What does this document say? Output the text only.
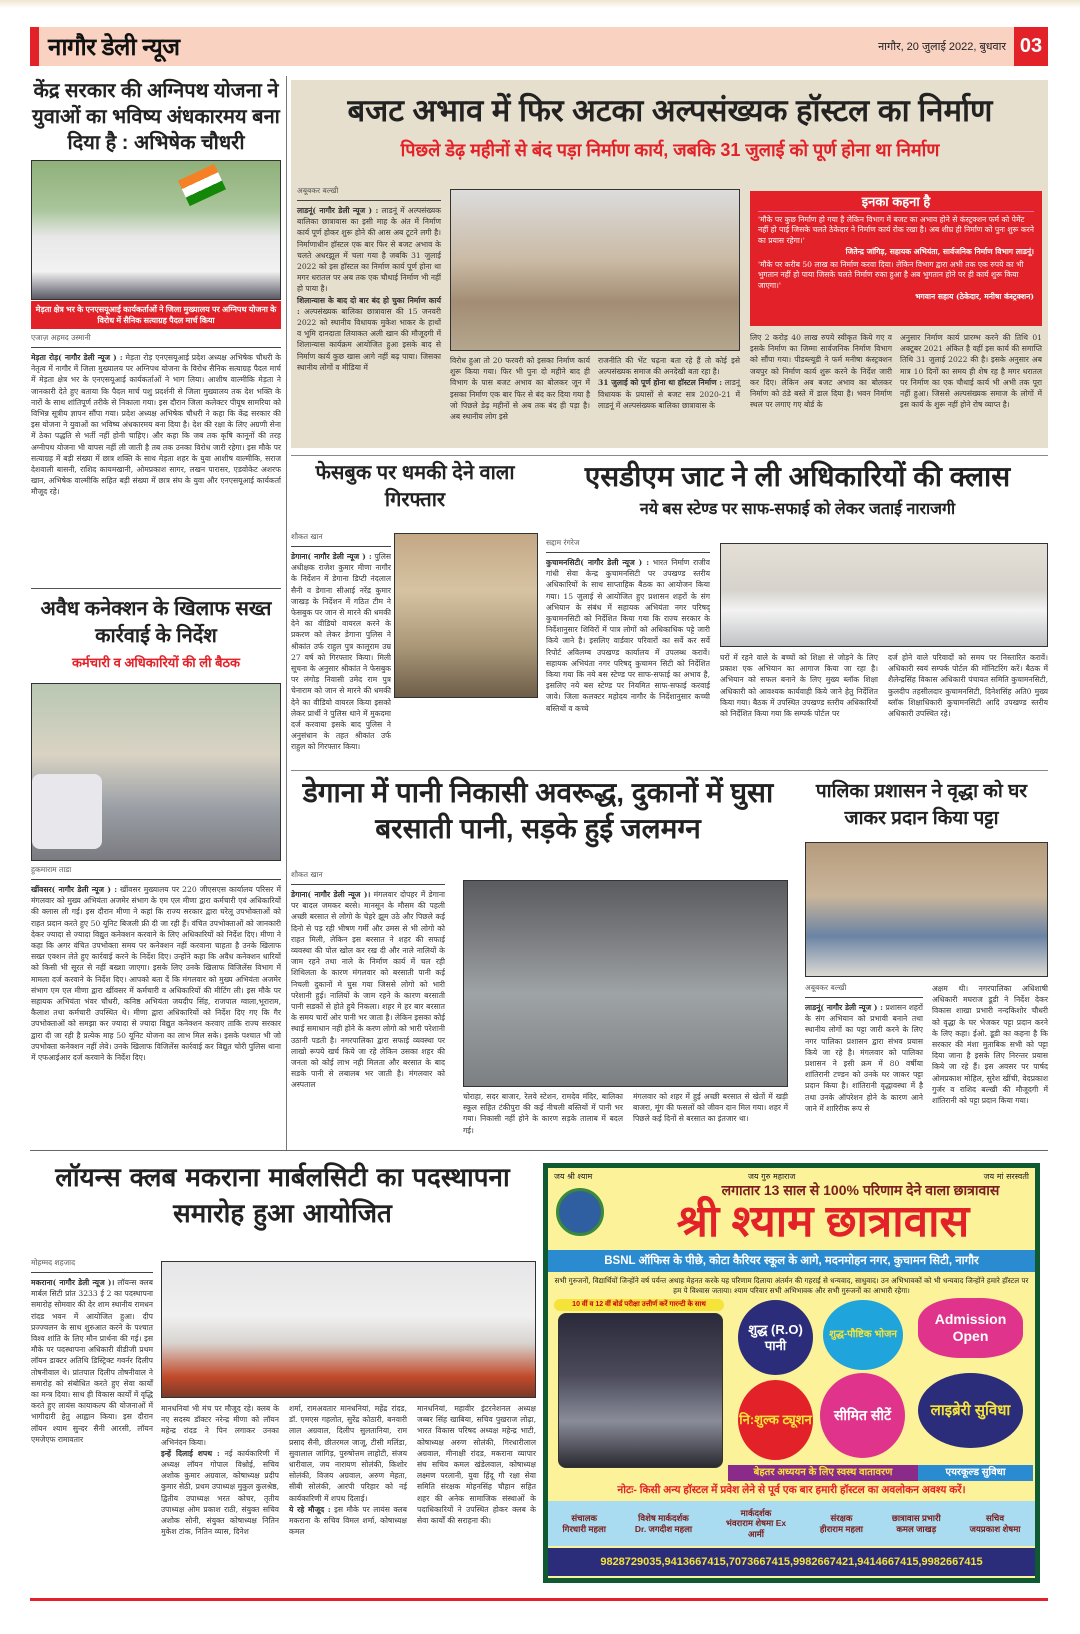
नागौर डेली न्यूज	नागौर, 20 जुलाई 2022, बुधवार 03
केंद्र सरकार की अग्निपथ योजना ने युवाओं का भविष्य अंधकारमय बना दिया है : अभिषेक चौधरी
मेड़ता क्षेत्र भर के एनएसयूआई कार्यकर्ताओं ने जिला मुख्यालय पर अग्निपथ योजना के विरोध में सैनिक सत्याग्रह पैदल मार्च किया
एजाज़ अहमद उस्मानी
मेड़ता रोड़( नागौर डेली न्यूज ) : मेड़ता रोड़ एनएसयूआई प्रदेश अध्यक्ष अभिषेक चौधरी के नेतृत्व में नागौर में जिला मुख्यालय पर अग्निपथ योजना के विरोध सैनिक सत्याग्रह पैदल मार्च में मेड़ता क्षेत्र भर के एनएसयूआई कार्यकर्ताओं ने भाग लिया। आशीष वाल्मीकि मेड़ता ने जानकारी देते हुए बताया कि पैदल मार्च पशु प्रदर्शनी से जिला मुख्यालय तक देश भक्ति के नारों के साथ शांतिपूर्ण तरीके से निकाला गया। इस दौरान जिला कलेक्टर पीयूष सामरिया को विभिन्न सूत्रीय ज्ञापन सौंपा गया। प्रदेश अध्यक्ष अभिषेक चौधरी ने कहा कि केंद्र सरकार की इस योजना ने युवाओं का भविष्य अंधकारमय बना दिया है। देश की रक्षा के लिए अग्रणी सेना में ठेका पद्धति से भर्ती नहीं होनी चाहिए। और कहा कि जब तक कृषि कानूनों की तरह अग्नीपथ योजना भी वापस नहीं ली जाती है तब तक उनका विरोध जारी रहेगा। इस मौके पर सत्याग्रह में बड़ी संख्या में छात्र शक्ति के साथ मेड़ता शहर के युवा आशीष वाल्मीकि, सराज देशवाली बासनी, राशिद कायमखानी, ओमप्रकाश सागर, लखन पारासर, एडवोकेट अशरफ खान, अभिषेक वाल्मीकि सहित बड़ी संख्या में छात्र संघ के युवा और एनएसयूआई कार्यकर्ता मौजूद रहे।
अवैध कनेक्शन के खिलाफ सख्त कार्रवाई के निर्देश
कर्मचारी व अधिकारियों की ली बैठक
हुकमाराम ताडा
खींवसर( नागौर डेली न्यूज ) : खींवसर मुख्यालय पर 220 जीएसएस कार्यालय परिसर में मंगलवार को मुख्य अभियंता अजमेर संभाग के एम एल मीणा द्वारा कर्मचारी एवं अधिकारियों की क्लास ली गई। इस दौरान मीणा ने कहां कि राज्य सरकार द्वारा घरेलू उपभोक्ताओं को राहत प्रदान करते हुए 50 यूनिट बिजली फ्री दी जा रही हैं। वंचित उपभोक्ताओं को जानकारी देकर ज्यादा से ज्यादा विद्युत कनेक्शन करवाने के लिए अधिकारियों को निर्देश दिए। मीणा ने कहा कि अगर वंचित उपभोक्ता समय पर कनेक्शन नहीं करवाना चाहता है उनके खिलाफ सख्त एक्शन लेते हुए कार्रवाई करने के निर्देश दिए। उन्होंने कहा कि अवैध कनेक्शन धारियों को किसी भी सूरत से नहीं बख्शा जाएगा। इसके लिए उनके खिलाफ विजिलेंस विभाग में मामला दर्ज करवाने के निर्देश दिए। आपको बता दें कि मंगलवार को मुख्य अभियंता अजमेर संभाग एम एल मीणा द्वारा खींवसर में कर्मचारी व अधिकारियों की मीटिंग ली। इस मौके पर सहायक अभियंता भंवर चौधरी, कनिष्ठ अभियंता जयदीप सिंह, राजपाल ग्वाला,भूराराम, कैलाश तथा कर्मचारी उपस्थित थे। मीणा द्वारा अधिकारियों को निर्देश दिए गए कि गैर उपभोक्ताओं को समझा कर ज्यादा से ज्यादा विद्युत कनेक्शन करवाए ताकि राज्य सरकार द्वारा दी जा रही है प्रत्येक माह 50 यूनिट योजना का लाभ मिल सके। इसके पश्चात भी जो उपभोक्ता कनेक्शन नहीं लेवे। उनके खिलाफ विजिलेंस कार्रवाई कर विद्युत चोरी पुलिस थाना में एफआईआर दर्ज करवाने के निर्देश दिए।
बजट अभाव में फिर अटका अल्पसंख्यक हॉस्टल का निर्माण
पिछले डेढ़ महीनों से बंद पड़ा निर्माण कार्य, जबकि 31 जुलाई को पूर्ण होना था निर्माण
अबूबकर बल्खी
लाडनूं( नागौर डेली न्यूज ) : लाडनूं में अल्पसंख्यक बालिका छात्रावास का इसी माह के अंत में निर्माण कार्य पूर्ण होकर शुरू होने की आस अब टूटने लगी है। निर्माणाधीन हॉस्टल एक बार फिर से बजट अभाव के चलते अधरझूल में चला गया है जबकि 31 जुलाई 2022 को इस हॉस्टल का निर्माण कार्य पूर्ण होना था मगर धरातल पर अब तक एक चौथाई निर्माण भी नहीं हो पाया है।
शिलान्यास के बाद दो बार बंद हो चुका निर्माण कार्य : अल्पसंख्यक बालिका छात्रावास की 15 जनवरी 2022 को स्थानीय विधायक मुकेश भाकर के हाथों व भूमि दानदाता लियाकत अली खान की मौजूदगी में शिलान्यास कार्यक्रम आयोजित हुआ इसके बाद से निर्माण कार्य कुछ खास आगे नहीं बढ़ पाया। जिसका स्थानीय लोगों व मीडिया में
विरोध हुआ तो 20 फरवरी को इसका निर्माण कार्य शुरू किया गया। फिर भी पुनः दो महीने बाद ही विभाग के पास बजट अभाव का बोलकर जून में इसका निर्माण एक बार फिर से बंद कर दिया गया है जो पिछले डेढ़ महीनों से अब तक बंद ही पड़ा है। अब स्थानीय लोग इसे
राजनीति की भेंट चढ़ना बता रहे हैं तो कोई इसे अल्पसंख्यक समाज की अनदेखी बता रहा है।
31 जुलाई को पूर्ण होना था हॉस्टल निर्माण : लाडनूं विधायक के प्रयासों से बजट सत्र 2020-21 में लाडनूं में अल्पसंख्यक बालिका छात्रावास के
इनका कहना है
'मौके पर कुछ निर्माण हो गया है लेकिन विभाग में बजट का अभाव होने से कंस्ट्रक्शन फर्म को पेमेंट नहीं हो पाई जिसके चलते ठेकेदार ने निर्माण कार्य रोक रखा है। अब शीघ्र ही निर्माण को पुनः शुरू करने का प्रयास रहेगा।'
जितेन्द्र जांगिड़, सहायक अभियंता, सार्वजनिक निर्माण विभाग लाडनूं।
'मौके पर करीब 50 लाख का निर्माण करवा दिया। लेकिन विभाग द्वारा अभी तक एक रुपये का भी भुगतान नहीं हो पाया जिसके चलते निर्माण रुका हुआ है अब भुगतान होने पर ही कार्य शुरू किया जाएगा।'
भगवान सहाय (ठेकेदार, मनीषा कंस्ट्रक्शन)
लिए 2 करोड़ 40 लाख रुपये स्वीकृत किये गए व इसके निर्माण का जिम्मा सार्वजनिक निर्माण विभाग को सौंपा गया। पीडब्ल्यूडी ने फर्म मनीषा कंस्ट्रक्शन जयपुर को निर्माण कार्य शुरू करने के निर्देश जारी कर दिए। लेकिन अब बजट अभाव का बोलकर निर्माण को ठंडे बस्ते में डाल दिया है। भवन निर्माण स्थल पर लगाए गए बोर्ड के
अनुसार निर्माण कार्य प्रारम्भ करने की तिथि 01 अक्टूबर 2021 अंकित है वहीं इस कार्य की समाप्ति तिथि 31 जुलाई 2022 की है। इसके अनुसार अब मात्र 10 दिनों का समय ही शेष रह है मगर धरातल पर निर्माण का एक चौथाई कार्य भी अभी तक पूरा नहीं हुआ। जिससे अल्पसंख्यक समाज के लोगों में इस कार्य के शुरू नहीं होने रोष व्याप्त है।
फेसबुक पर धमकी देने वाला गिरफ्तार
शौकत खान
डेगाना( नागौर डेली न्यूज ) : पुलिस अधीक्षक राजेश कुमार मीणा नागौर के निर्देशन में डेगाना डिप्टी नंदलाल सैनी व डेगाना सीआई नरेंद्र कुमार जाखड़ के निर्देशन में गठित टीम ने फेसबुक पर जान से मारने की धमकी देने का वीडियो वायरल करने के प्रकरण को लेकर डेगाना पुलिस ने श्रीकांत उर्फ राहुल पुत्र कालूराम उम्र 27 वर्ष को गिरफ्तार किया। मिली सूचना के अनुसार श्रीकांत ने फेसबुक पर लंगोड़ निवासी उमेद राम पुत्र चेनाराम को जान से मारने की धमकी देने का वीडियो वायरल किया इसको लेकर प्रार्थी ने पुलिस थाने में मुकदमा दर्ज करवाया इसके बाद पुलिस ने अनुसंधान के तहत श्रीकांत उर्फ राहुल को गिरफ्तार किया।
एसडीएम जाट ने ली अधिकारियों की क्लास
नये बस स्टेण्ड पर साफ-सफाई को लेकर जताई नाराजगी
सद्दाम रंगरेज
कुचामनसिटी( नागौर डेली न्यूज ) : भारत निर्माण राजीव गांधी सेवा केन्द्र कुचामनसिटी पर उपखण्ड स्तरीय अधिकारियों के साथ साप्ताहिक बैठक का आयोजन किया गया। 15 जुलाई से आयोजित हुए प्रशासन शहरों के संग अभियान के संबंध में सहायक अभियंता नगर परिषद् कुचामनसिटी को निर्देशित किया गया कि राज्य सरकार के निर्देशानुसार शिविरों में पात्र लोगों को अधिकाधिक पट्टे जारी किये जाने है। इसलिए वार्डवार परिवारों का सर्वे कर सर्वे रिपोर्ट अविलम्ब उपखण्ड कार्यालय में उपलब्ध करावें। सहायक अभियंता नगर परिषद् कुचामन सिटी को निर्देशित किया गया कि नये बस स्टेण्ड पर साफ-सफाई का अभाव है, इसलिए नये बस स्टेण्ड पर नियमित साफ-सफाई करवाई जावे। जिला कलक्टर महोदय नागौर के निर्देशानुसार कच्ची बस्तियों व कच्चे
घरों में रहने वाले के बच्चों को शिक्षा से जोड़ने के लिए प्रकाश एक अभियान का आगाज किया जा रहा है। अभियान को सफल बनाने के लिए मुख्य ब्लॉक शिक्षा अधिकारी को आवश्यक कार्यवाही किये जाने हेतु निर्देशित किया गया। बैठक में उपस्थित उपखण्ड स्तरीय अधिकारियों को निर्देशित किया गया कि सम्पर्क पोर्टल पर
दर्ज होने वाले परिवादों को समय पर निस्तारित करावें। अधिकारी स्वयं सम्पर्क पोर्टल की मॉनिटरिंग करें। बैठक में शैलेन्द्रसिंह विकास अधिकारी पंचायत समिति कुचामनसिटी, कुलदीप तहसीलदार कुचामनसिटी, दिनेशसिंह अति0 मुख्य ब्लॉक शिक्षाधिकारी कुचामनसिटी आदि उपखण्ड स्तरीय अधिकारी उपस्थित रहे।
डेगाना में पानी निकासी अवरूद्ध, दुकानों में घुसा बरसाती पानी, सड़के हुई जलमग्न
शौकत खान
डेगाना( नागौर डेली न्यूज )। मंगलवार दोपहर में डेगाना पर बादल जमकर बरसे। मानसून के मौसम की पहली अच्छी बरसात से लोगो के चेहरे झूम उठे और पिछले कई दिनो से पड़ रही भीषण गर्मी और उमस से भी लोगो को राहत मिली, लेकिन इस बरसात ने शहर की सफाई व्यवस्था की पोल खोल कर रख दी और नाले नालियों के जाम रहने तथा नाले के निर्माण कार्य में चल रही शिथिलता के कारण मंगलवार को बरसाती पानी कई निचली दुकानों मे घुस गया जिससे लोगो को भारी परेशानी हुई। नालियों के जाम रहने के कारण बरसाती पानी सडकों से होते हुये निकला। शहर मे हर बार बरसात के समय चारों ओर पानी भर जाता है। लेकिन इसका कोई स्थाई समाधान नही होने के करण लोगो को भारी परेशानी उठानी पडती है। नगरपालिका द्वारा सफाई व्यवस्था पर लाखो रूपये खर्च किये जा रहे लेकिन उसका शहर की जनता को कोई लाभ नही मिलता और बरसात के बाद सडके पानी से लबालब भर जाती है। मंगलवार को अस्पताल
चोराहा, सदर बाजार, रेलवे स्टेशन, रामदेव मंदिर, बालिका स्कूल सहित टंकीपुरा की कई नीचली बस्तियों में पानी भर गया। निकासी नहीं होने के कारण सड़के तालाब में बदल गई।
मंगलवार को शहर में हुई अच्छी बरसात से खेतों में खड़ी बाजरा, मूंग की फसलों को जीवन दान मिल गया। शहर में पिछले कई दिनों से बरसात का इंतजार था।
पालिका प्रशासन ने वृद्धा को घर जाकर प्रदान किया पट्टा
अबूबकर बल्खी
लाडनूं( नागौर डेली न्यूज ) : प्रशासन शहरों के संग अभियान को प्रभावी बनाने तथा स्थानीय लोगों का पट्टा जारी करने के लिए नगर पालिका प्रशासन द्वारा संभव प्रयास किये जा रहे है। मंगलवार को पालिका प्रशासन ने इसी क्रम में 80 वर्षीया शांतिरानी टण्डन को उनके घर जाकर पट्टा प्रदान किया है। शांतिरानी वृद्धावस्था में है तथा उनके ऑपरेशन होने के कारण आने जाने में शारिरीक रूप से
अक्षम थी। नगरपालिका अधिशाषी अधिकारी मघराज डूडी ने निर्देश देकर विकास शाखा प्रभारी नन्दकिशोर चौधरी को वृद्धा के घर भेजकर पट्टा प्रदान करने के लिए कहा। ईओ. डूडी का कहना है कि सरकार की मंशा मुताबिक सभी को पट्टा दिया जाना है इसके लिए निरन्तर प्रयास किये जा रहे हैं। इस अवसर पर पार्षद ओमप्रकाश मोहिल, सुरेश खींची, वेदप्रकाश गुर्जर व राशिद बल्खी की मौजूदगी में शांतिरानी को पट्टा प्रदान किया गया।
लॉयन्स क्लब मकराना मार्बलसिटी का पदस्थापना समारोह हुआ आयोजित
मोहम्मद शहजाद
मकराना( नागौर डेली न्यूज )। लॉयन्स क्लब मार्बल सिटी प्रांत 3233 ई 2 का पदस्थापना समारोह सोमवार की देर शाम स्थानीय रामधन रांदड भवन में आयोजित हुआ। दीप प्रज्ज्वलन के साथ शुरुआत करने के पश्चात विश्व शांति के लिए मौन प्रार्थना की गई। इस मौके पर पदस्थापना अधिकारी वीडीजी प्रथम लॉयन डाक्टर अतिथि डिस्ट्रिक्ट गवर्नर दिलीप तोषनीवाल थे। प्रांतपाल दिलीप तोषनीवाल ने समारोह को संबोधित करते हुए सेवा कार्यों का मन्त्र दिया। साथ ही विकास कार्यों में वृद्धि करते हुए लायंस कायाकल्प की योजनाओं में भागीदारी हेतु आह्वान किया। इस दौरान लॉयन श्याम सुन्दर सैनी आरसी, लॉयन एमजेएफ रामावतार
मानधनियां भी मंच पर मौजूद रहे। क्लब के नए सदस्य डॉक्टर नरेन्द्र मीणा को लॉयन महेन्द्र रांदड ने पिन लगाकर उनका अभिनंदन किया।
इन्हें दिलाई शपथ : नई कार्यकारिणी में अध्यक्ष लॉयन गोपाल विश्नोई, सचिव अशोक कुमार अग्रवाल, कोषाध्यक्ष प्रदीप कुमार सेठी, प्रथम उपाध्यक्ष मुकुल कुलश्रेष्ठ, द्वितीय उपाध्यक्ष भरत कोचर, तृतीय उपाध्यक्ष ओम प्रकाश राठी, संयुक्त सचिव अशोक सोनी, संयुक्त कोषाध्यक्ष नितिन मुकेश टांक, नितिन व्यास, दिनेश
शर्मा, रामअवतार मानधनियां, महेंद्र रांदड, डॉ. एमएस गहलोत, सुरेंद्र कोठारी, बनवारी लाल अग्रवाल, दिलीप सुलतानिया, राम प्रसाद सैनी, छीतरमल जाजू, टीसी मलिंडा, सुवालाल जांगिड़, पुरुषोत्तम लाहोटी, संजय धारीवाल, जय नारायण सोलंकी, किशोर सोलंकी, विजय अग्रवाल, अरुण मेहता, सीबी सोलंकी, आरपी परिहार को नई कार्यकारिणी में शपथ दिलाई।
ये रहे मौजूद : इस मौके पर लायंस क्लब मकराना के सचिव विमल शर्मा, कोषाध्यक्ष कमल
मानधनियां, महावीर इंटरनेशनल अध्यक्ष जब्बर सिंह खाबिया, सचिव पुखराज लोढ़ा, भारत विकास परिषद अध्यक्ष महेन्द्र भाटी, कोषाध्यक्ष अरुण सोलंकी, गिरधारीलाल अग्रवाल, मीनाक्षी रांदड, मकराना व्यापार संघ सचिव कमल खंडेलवाल, कोषाध्यक्ष लक्ष्मण परलानी, युवा हिंदू गौ रक्षा सेवा समिति संरक्षक मोहनसिंह चौहान सहित शहर की अनेक सामाजिक संस्थाओं के पदाधिकारियों ने उपस्थित होकर क्लब के सेवा कार्यों की सराहना की।
जय श्री श्याम	जय गुरु महाराज	जय मां सरस्वती
लगातार 13 साल से 100% परिणाम देने वाला छात्रावास
श्री श्याम छात्रावास
BSNL ऑफिस के पीछे, कोटा कैरियर स्कूल के आगे, मदनमोहन नगर, कुचामन सिटी, नागौर
सभी गुरुजनों, विद्यार्थियों जिन्होंने वर्ष पर्यन्त अथाह मेहनत करके यह परिणाम दिलाया अंतर्मन की गहराई से धन्यवाद, साधुवाद। उन अभिभावकों को भी धन्यवाद जिन्होंने हमारे हॉस्टल पर हम पे विश्वास जताया। श्याम परिवार सभी अभिभावक और सभी गुरुजनों का आभारी रहेगा।
10 वीं व 12 वीं बोर्ड परीक्षा उत्तीर्ण करें गारन्टी के साथ
शुद्ध (R.O) पानी
शुद्ध-पौष्टिक भोजन
Admission Open
नि:शुल्क ट्यूशन	सीमित सीटें	लाइब्रेरी सुविधा
बेहतर अध्ययन के लिए स्वस्थ वातावरण	एयरकूल्ड सुविधा
नोटः- किसी अन्य हॉस्टल में प्रवेश लेने से पूर्व एक बार हमारी हॉस्टल का अवलोकन अवश्य करें।
संचालक
गिरधारी महला
विशेष मार्कदर्शक
Dr. जगदीश महला
मार्कदर्शक
भंवराराम शेषमा Ex आर्मी
संरक्षक
हीराराम महला
छात्रावास प्रभारी
कमल जाखड़
सचिव
जयप्रकाश शेषमा
9828729035,9413667415,7073667415,9982667421,9414667415,9982667415
